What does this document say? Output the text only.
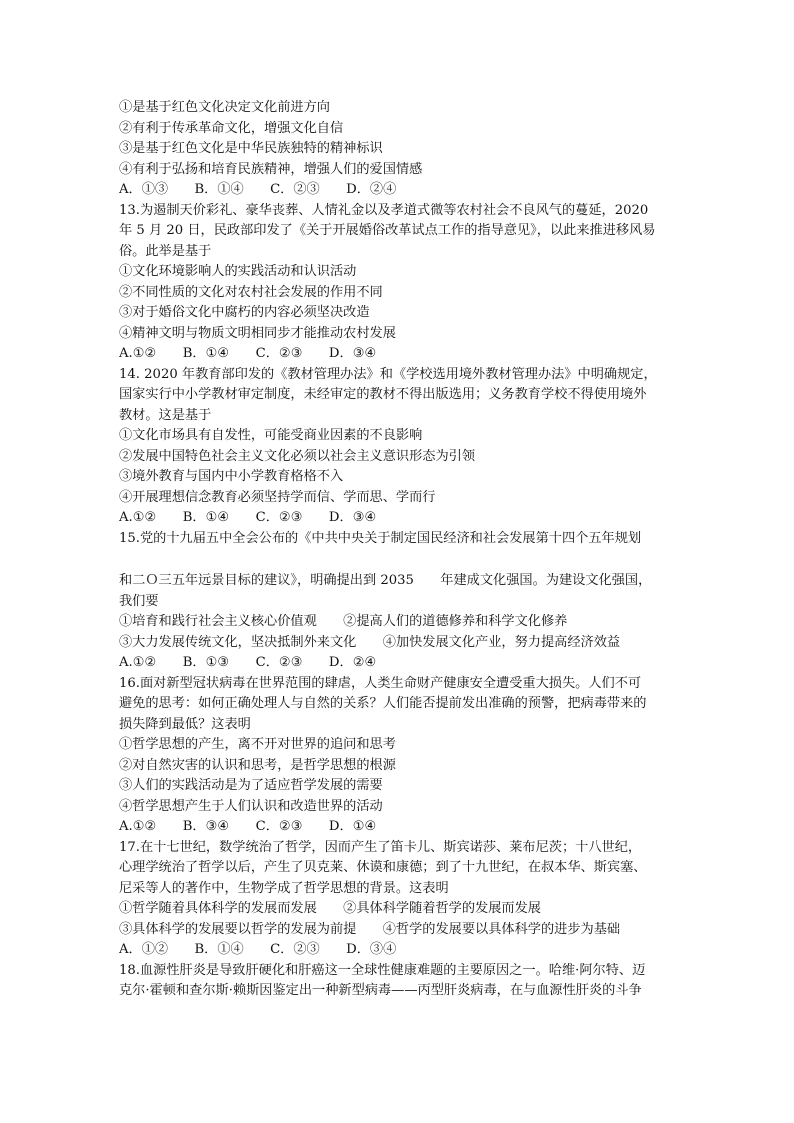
①是基于红色文化决定文化前进方向
②有利于传承革命文化，增强文化自信
③是基于红色文化是中华民族独特的精神标识
④有利于弘扬和培育民族精神，增强人们的爱国情感
A．①③　　B．①④　　C．②③　　D．②④
13.为遏制天价彩礼、豪华丧葬、人情礼金以及孝道式微等农村社会不良风气的蔓延，2020
年 5 月 20 日，民政部印发了《关于开展婚俗改革试点工作的指导意见》，以此来推进移风易
俗。此举是基于
①文化环境影响人的实践活动和认识活动
②不同性质的文化对农村社会发展的作用不同
③对于婚俗文化中腐朽的内容必须坚决改造
④精神文明与物质文明相同步才能推动农村发展
A.①②　　B．①④　　C．②③　　D．③④
14. 2020 年教育部印发的《教材管理办法》和《学校选用境外教材管理办法》中明确规定，
国家实行中小学教材审定制度，未经审定的教材不得出版选用；义务教育学校不得使用境外
教材。这是基于
①文化市场具有自发性，可能受商业因素的不良影响
②发展中国特色社会主义文化必须以社会主义意识形态为引领
③境外教育与国内中小学教育格格不入
④开展理想信念教育必须坚持学而信、学而思、学而行
A.①②　　B．①④　　C．②③　　D．③④
15.党的十九届五中全会公布的《中共中央关于制定国民经济和社会发展第十四个五年规划
和二Ｏ三五年远景目标的建议》，明确提出到 2035　　年建成文化强国。为建设文化强国，
我们要
①培育和践行社会主义核心价值观　　②提高人们的道德修养和科学文化修养
③大力发展传统文化，坚决抵制外来文化　　④加快发展文化产业，努力提高经济效益
A.①②　　B．①③　　C．②③　　D．②④
16.面对新型冠状病毒在世界范围的肆虐，人类生命财产健康安全遭受重大损失。人们不可
避免的思考：如何正确处理人与自然的关系？人们能否提前发出准确的预警，把病毒带来的
损失降到最低？这表明
①哲学思想的产生，离不开对世界的追问和思考
②对自然灾害的认识和思考，是哲学思想的根源
③人们的实践活动是为了适应哲学发展的需要
④哲学思想产生于人们认识和改造世界的活动
A.①②　　B．③④　　C．②③　　D．①④
17.在十七世纪，数学统治了哲学，因而产生了笛卡儿、斯宾诺莎、莱布尼茨；十八世纪，
心理学统治了哲学以后，产生了贝克莱、休谟和康德；到了十九世纪，在叔本华、斯宾塞、
尼采等人的著作中，生物学成了哲学思想的背景。这表明
①哲学随着具体科学的发展而发展　　②具体科学随着哲学的发展而发展
③具体科学的发展要以哲学的发展为前提　　④哲学的发展要以具体科学的进步为基础
A．①②　　B．①④　　C．②③　　D．③④
18.血源性肝炎是导致肝硬化和肝癌这一全球性健康难题的主要原因之一。哈维·阿尔特、迈
克尔·霍顿和查尔斯·赖斯因鉴定出一种新型病毒——丙型肝炎病毒，在与血源性肝炎的斗争
